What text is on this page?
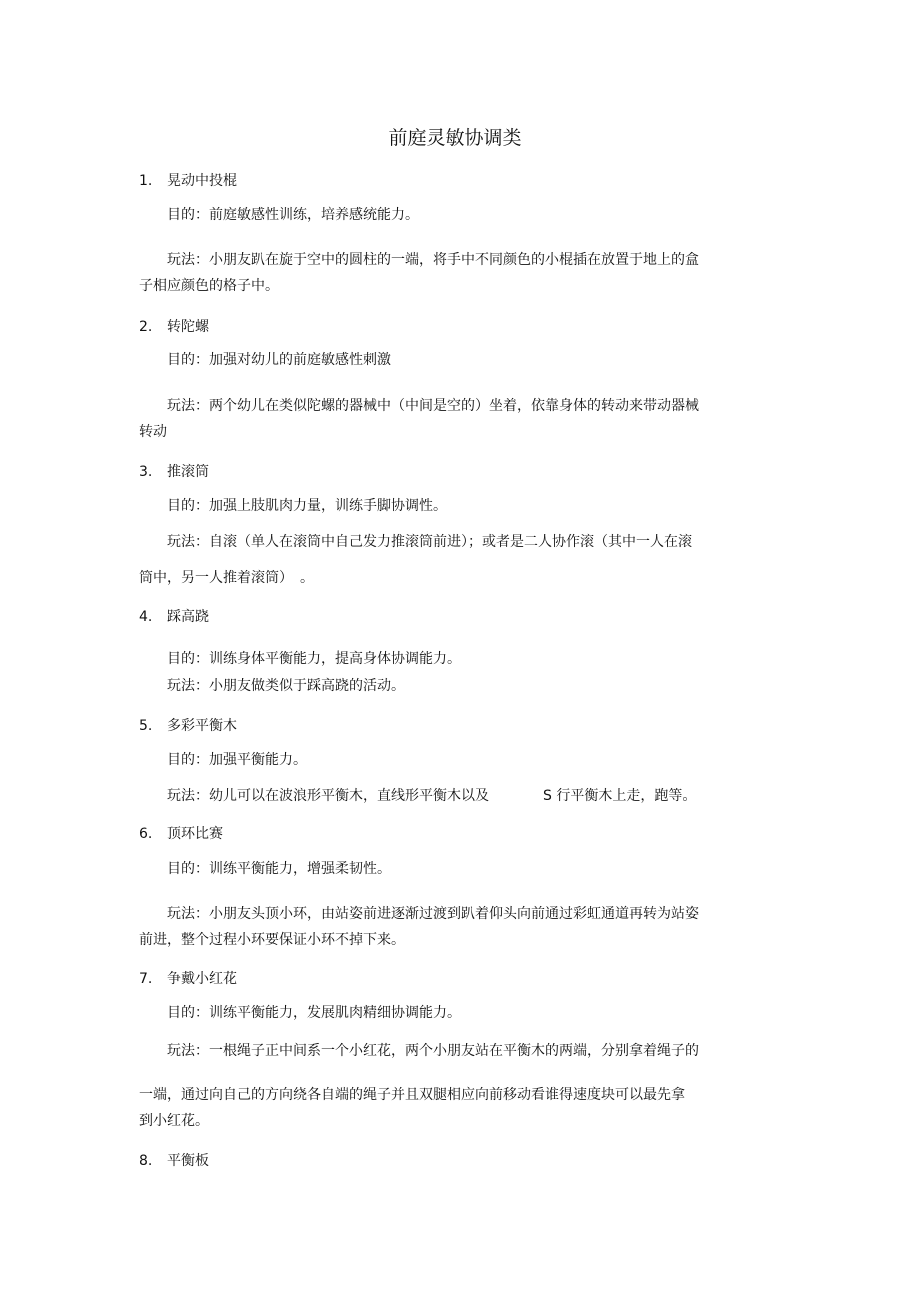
前庭灵敏协调类
1. 晃动中投棍
目的：前庭敏感性训练，培养感统能力。
玩法：小朋友趴在旋于空中的圆柱的一端，将手中不同颜色的小棍插在放置于地上的盒
子相应颜色的格子中。
2. 转陀螺
目的：加强对幼儿的前庭敏感性刺激
玩法：两个幼儿在类似陀螺的器械中（中间是空的）坐着，依靠身体的转动来带动器械
转动
3. 推滚筒
目的：加强上肢肌肉力量，训练手脚协调性。
玩法：自滚（单人在滚筒中自己发力推滚筒前进）；或者是二人协作滚（其中一人在滚
筒中，另一人推着滚筒）　。
4. 踩高跷
目的：训练身体平衡能力，提高身体协调能力。
玩法：小朋友做类似于踩高跷的活动。
5. 多彩平衡木
目的：加强平衡能力。
玩法：幼儿可以在波浪形平衡木，直线形平衡木以及	S 行平衡木上走，跑等。
6. 顶环比赛
目的：训练平衡能力，增强柔韧性。
玩法：小朋友头顶小环，由站姿前进逐渐过渡到趴着仰头向前通过彩虹通道再转为站姿
前进，整个过程小环要保证小环不掉下来。
7. 争戴小红花
目的：训练平衡能力，发展肌肉精细协调能力。
玩法：一根绳子正中间系一个小红花，两个小朋友站在平衡木的两端，分别拿着绳子的
一端，通过向自己的方向绕各自端的绳子并且双腿相应向前移动看谁得速度块可以最先拿
到小红花。
8. 平衡板
